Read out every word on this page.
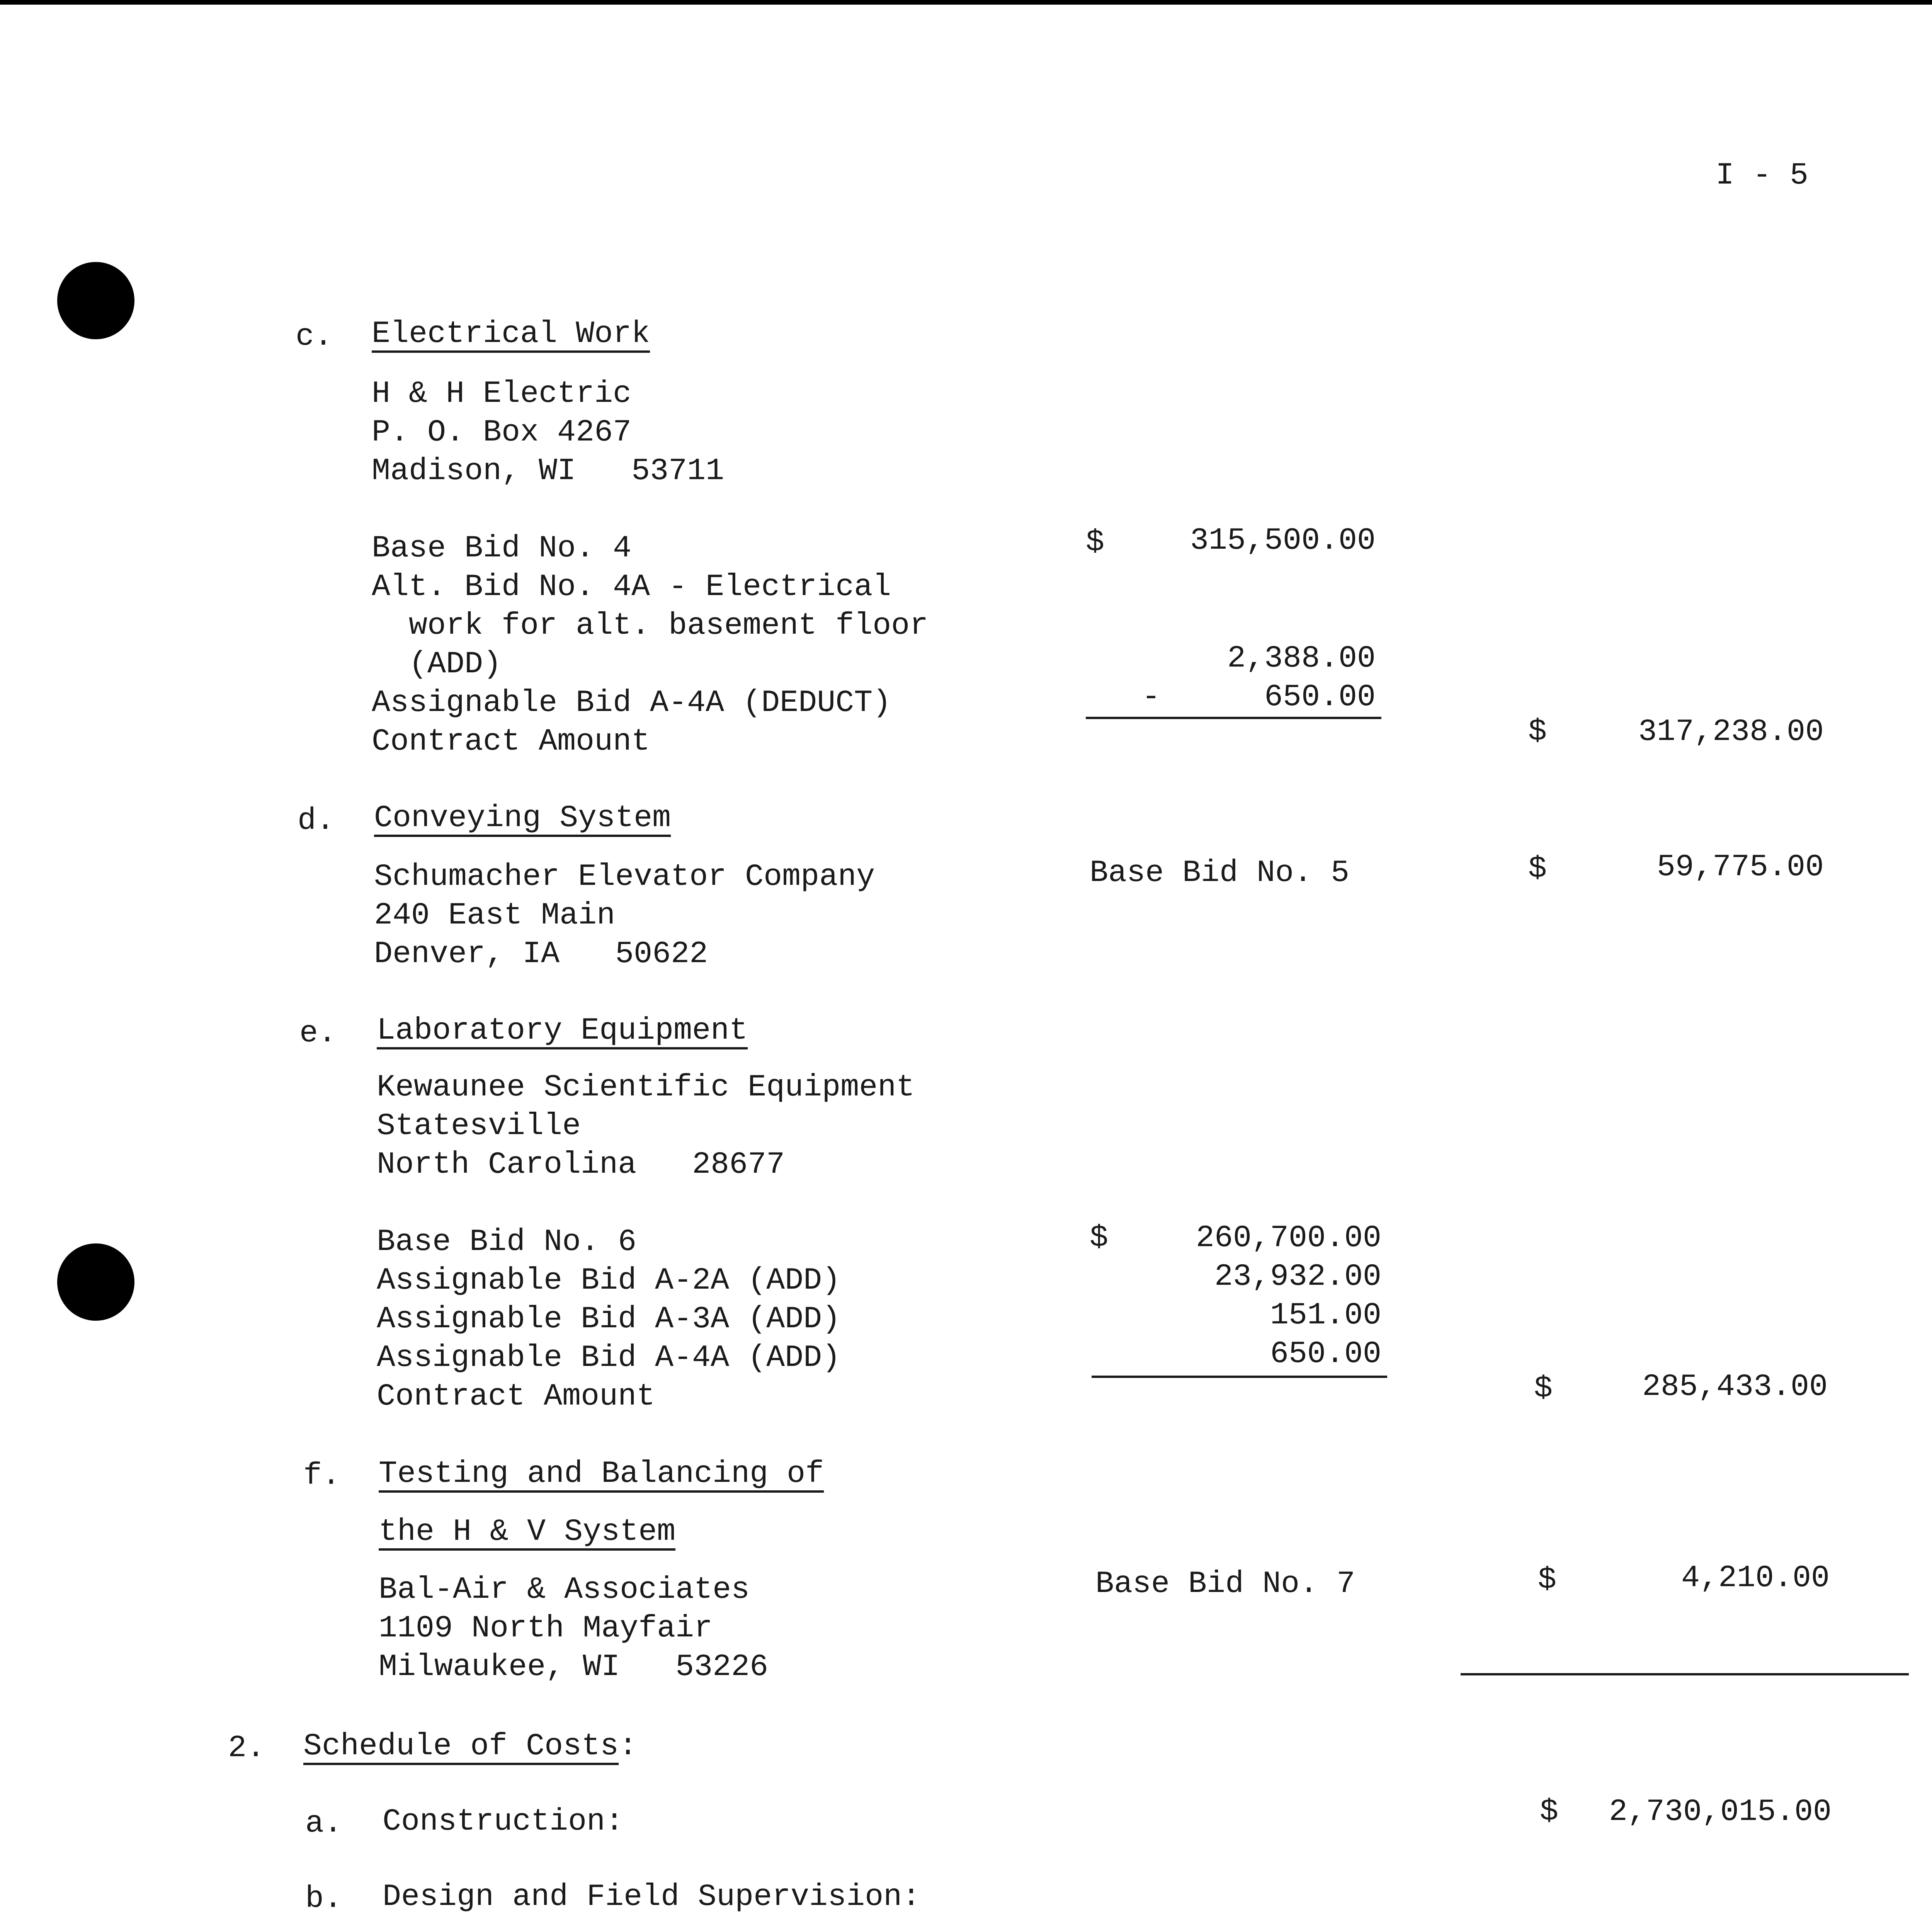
I - 5
c. Electrical Work
H & H Electric
P. O. Box 4267
Madison, WI   53711
Base Bid No. 4	$	315,500.00
Alt. Bid No. 4A - Electrical
work for alt. basement floor
(ADD)	2,388.00
Assignable Bid A-4A (DEDUCT)	-	650.00
Contract Amount	$	317,238.00
d. Conveying System
Schumacher Elevator Company
240 East Main
Denver, IA   50622
Base Bid No. 5	$	59,775.00
e. Laboratory Equipment
Kewaunee Scientific Equipment
Statesville
North Carolina   28677
Base Bid No. 6	$	260,700.00
Assignable Bid A-2A (ADD)	23,932.00
Assignable Bid A-3A (ADD)	151.00
Assignable Bid A-4A (ADD)	650.00
Contract Amount	$	285,433.00
f. Testing and Balancing of
the H & V System
Bal-Air & Associates
1109 North Mayfair
Milwaukee, WI   53226
Base Bid No. 7	$	4,210.00
2. Schedule of Costs:
a. Construction:	$	2,730,015.00
b. Design and Field Supervision:
